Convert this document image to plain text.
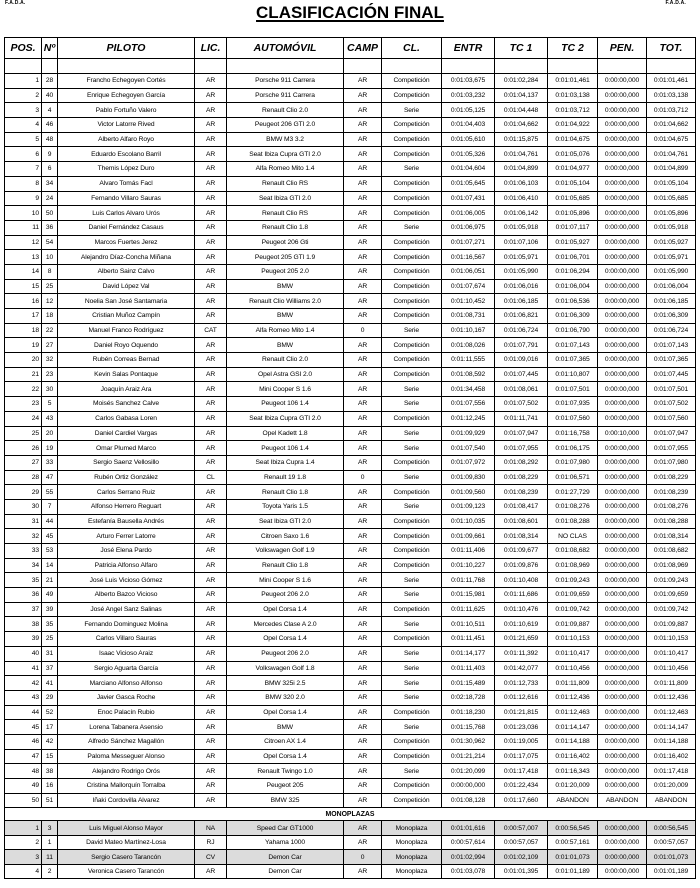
F.A.D.A.	F.A.D.A.
CLASIFICACIÓN FINAL
POS.	Nº	PILOTO	LIC.	AUTOMÓVIL	CAMP	CL.	ENTR	TC 1	TC 2	PEN.	TOT.

1	28	Francho Echegoyen Cortés	AR	Porsche 911 Carrera	AR	Competición	0:01:03,675	0:01:02,284	0:01:01,461	0:00:00,000	0:01:01,461
2	40	Enrique Echegoyen García	AR	Porsche 911 Carrera	AR	Competición	0:01:03,232	0:01:04,137	0:01:03,138	0:00:00,000	0:01:03,138
3	4	Pablo Fortuño Valero	AR	Renault Clio 2.0	AR	Serie	0:01:05,125	0:01:04,448	0:01:03,712	0:00:00,000	0:01:03,712
4	46	Victor Latorre Rived	AR	Peugeot 206 GTI 2.0	AR	Competición	0:01:04,403	0:01:04,662	0:01:04,922	0:00:00,000	0:01:04,662
5	48	Alberto Alfaro Royo	AR	BMW M3 3.2	AR	Competición	0:01:05,610	0:01:15,875	0:01:04,675	0:00:00,000	0:01:04,675
6	9	Eduardo Escolano Barril	AR	Seat Ibiza Cupra GTI 2.0	AR	Competición	0:01:05,326	0:01:04,761	0:01:05,076	0:00:00,000	0:01:04,761
7	6	Themis López Duro	AR	Alfa Romeo Mito 1.4	AR	Serie	0:01:04,604	0:01:04,899	0:01:04,977	0:00:00,000	0:01:04,899
8	34	Alvaro Tomás Facl	AR	Renault Clio RS	AR	Competición	0:01:05,645	0:01:06,103	0:01:05,104	0:00:00,000	0:01:05,104
9	24	Fernando Villaro Sauras	AR	Seat Ibiza GTI 2.0	AR	Competición	0:01:07,431	0:01:06,410	0:01:05,685	0:00:00,000	0:01:05,685
10	50	Luis Carlos Alvaro Urós	AR	Renault Clio RS	AR	Competición	0:01:06,005	0:01:06,142	0:01:05,896	0:00:00,000	0:01:05,896
11	36	Daniel Fernández Casaus	AR	Renault Clio 1.8	AR	Serie	0:01:06,975	0:01:05,918	0:01:07,117	0:00:00,000	0:01:05,918
12	54	Marcos Fuertes Jerez	AR	Peugeot 206 Gti	AR	Competición	0:01:07,271	0:01:07,106	0:01:05,927	0:00:00,000	0:01:05,927
13	10	Alejandro Díaz-Concha Miñana	AR	Peugeot 205 GTI 1.9	AR	Competición	0:01:16,567	0:01:05,971	0:01:06,701	0:00:00,000	0:01:05,971
14	8	Alberto Sainz Calvo	AR	Peugeot 205 2.0	AR	Competición	0:01:06,051	0:01:05,990	0:01:06,294	0:00:00,000	0:01:05,990
15	25	David López Val	AR	BMW	AR	Competición	0:01:07,674	0:01:06,016	0:01:06,004	0:00:00,000	0:01:06,004
16	12	Noelia San José Santamaria	AR	Renault Clio Williams 2.0	AR	Competición	0:01:10,452	0:01:06,185	0:01:06,536	0:00:00,000	0:01:06,185
17	18	Cristian Muñoz Campín	AR	BMW	AR	Competición	0:01:08,731	0:01:06,821	0:01:06,309	0:00:00,000	0:01:06,309
18	22	Manuel Franco Rodríguez	CAT	Alfa Romeo Mito 1.4	0	Serie	0:01:10,167	0:01:06,724	0:01:06,790	0:00:00,000	0:01:06,724
19	27	Daniel Royo Oquendo	AR	BMW	AR	Competición	0:01:08,026	0:01:07,791	0:01:07,143	0:00:00,000	0:01:07,143
20	32	Rubén Correas Bernad	AR	Renault Clio 2.0	AR	Competición	0:01:11,555	0:01:09,016	0:01:07,365	0:00:00,000	0:01:07,365
21	23	Kevin Salas Pontaque	AR	Opel Astra GSI 2.0	AR	Competición	0:01:08,592	0:01:07,445	0:01:10,807	0:00:00,000	0:01:07,445
22	30	Joaquín Araiz Ara	AR	Mini Cooper S 1.6	AR	Serie	0:01:34,458	0:01:08,061	0:01:07,501	0:00:00,000	0:01:07,501
23	5	Moisés Sanchez Calve	AR	Peugeot 106 1.4	AR	Serie	0:01:07,556	0:01:07,502	0:01:07,935	0:00:00,000	0:01:07,502
24	43	Carlos Gabasa Loren	AR	Seat Ibiza Cupra GTI 2.0	AR	Competición	0:01:12,245	0:01:11,741	0:01:07,560	0:00:00,000	0:01:07,560
25	20	Daniel Cardiel Vargas	AR	Opel Kadett 1.8	AR	Serie	0:01:09,929	0:01:07,947	0:01:16,758	0:00:10,000	0:01:07,947
26	19	Omar Plumed Marco	AR	Peugeot 106 1.4	AR	Serie	0:01:07,540	0:01:07,955	0:01:06,175	0:00:00,000	0:01:07,955
27	33	Sergio Saenz Vellosillo	AR	Seat Ibiza Cupra 1.4	AR	Competición	0:01:07,972	0:01:08,292	0:01:07,980	0:00:00,000	0:01:07,980
28	47	Rubén Ortiz González	CL	Renault 19 1.8	0	Serie	0:01:09,830	0:01:08,229	0:01:06,571	0:00:00,000	0:01:08,229
29	55	Carlos Serrano Ruiz	AR	Renault Clio 1.8	AR	Competición	0:01:09,560	0:01:08,239	0:01:27,729	0:00:00,000	0:01:08,239
30	7	Alfonso Herrero Reguart	AR	Toyota Yaris 1.5	AR	Serie	0:01:09,123	0:01:08,417	0:01:08,276	0:00:00,000	0:01:08,276
31	44	Estefanía Bausella Andrés	AR	Seat Ibiza GTI 2.0	AR	Competición	0:01:10,035	0:01:08,601	0:01:08,288	0:00:00,000	0:01:08,288
32	45	Arturo Ferrer Latorre	AR	Citroen Saxo 1.6	AR	Competición	0:01:09,661	0:01:08,314	NO CLAS	0:00:00,000	0:01:08,314
33	53	José Elena Pardo	AR	Volkswagen Golf 1.9	AR	Competición	0:01:11,406	0:01:09,677	0:01:08,682	0:00:00,000	0:01:08,682
34	14	Patricia Alfonso Alfaro	AR	Renault Clio 1.8	AR	Competición	0:01:10,227	0:01:09,876	0:01:08,969	0:00:00,000	0:01:08,969
35	21	José Luis Vicioso Gómez	AR	Mini Cooper S 1.6	AR	Serie	0:01:11,768	0:01:10,408	0:01:09,243	0:00:00,000	0:01:09,243
36	49	Alberto Bazco Vicioso	AR	Peugeot 206 2.0	AR	Serie	0:01:15,981	0:01:11,686	0:01:09,659	0:00:00,000	0:01:09,659
37	39	José Angel Sanz Salinas	AR	Opel Corsa 1.4	AR	Competición	0:01:11,625	0:01:10,476	0:01:09,742	0:00:00,000	0:01:09,742
38	35	Fernando Dominguez Molina	AR	Mercedes Clase A 2.0	AR	Serie	0:01:10,511	0:01:10,619	0:01:09,887	0:00:00,000	0:01:09,887
39	25	Carlos Villaro Sauras	AR	Opel Corsa 1.4	AR	Competición	0:01:11,451	0:01:21,659	0:01:10,153	0:00:00,000	0:01:10,153
40	31	Isaac Vicioso Araiz	AR	Peugeot 206 2.0	AR	Serie	0:01:14,177	0:01:11,392	0:01:10,417	0:00:00,000	0:01:10,417
41	37	Sergio Aguarta García	AR	Volkswagen Golf 1.8	AR	Serie	0:01:11,403	0:01:42,077	0:01:10,456	0:00:00,000	0:01:10,456
42	41	Marciano Alfonso Alfonso	AR	BMW 325i 2.5	AR	Serie	0:01:15,489	0:01:12,733	0:01:11,809	0:00:00,000	0:01:11,809
43	29	Javier Gasca Roche	AR	BMW 320 2.0	AR	Serie	0:02:18,728	0:01:12,616	0:01:12,436	0:00:00,000	0:01:12,436
44	52	Enoc Palacín Rubio	AR	Opel Corsa 1.4	AR	Competición	0:01:18,230	0:01:21,815	0:01:12,463	0:00:00,000	0:01:12,463
45	17	Lorena Tabanera Asensio	AR	BMW	AR	Serie	0:01:15,768	0:01:23,036	0:01:14,147	0:00:00,000	0:01:14,147
46	42	Alfredo Sánchez Magallón	AR	Citroen AX 1.4	AR	Competición	0:01:30,962	0:01:19,005	0:01:14,188	0:00:00,000	0:01:14,188
47	15	Paloma Messeguer Alonso	AR	Opel Corsa 1.4	AR	Competición	0:01:21,214	0:01:17,075	0:01:16,402	0:00:00,000	0:01:16,402
48	38	Alejandro Rodrigo Orós	AR	Renault Twingo 1.0	AR	Serie	0:01:20,099	0:01:17,418	0:01:16,343	0:00:00,000	0:01:17,418
49	16	Cristina Mallorquín Torralba	AR	Peugeot 205	AR	Competición	0:00:00,000	0:01:22,434	0:01:20,009	0:00:00,000	0:01:20,009
50	51	Iñaki Cordovilla Alvarez	AR	BMW 325	AR	Competición	0:01:08,128	0:01:17,660	ABANDON	ABANDON	ABANDON
MONOPLAZAS											
1	3	Luis Miguel Alonso Mayor	NA	Speed Car GT1000	AR	Monoplaza	0:01:01,616	0:00:57,007	0:00:56,545	0:00:00,000	0:00:56,545
2	1	David Mateo Martínez-Losa	RJ	Yahama 1000	AR	Monoplaza	0:00:57,614	0:00:57,057	0:00:57,161	0:00:00,000	0:00:57,057
3	11	Sergio Casero Tarancón	CV	Demon Car	0	Monoplaza	0:01:02,994	0:01:02,109	0:01:01,073	0:00:00,000	0:01:01,073
4	2	Veronica Casero Tarancón	AR	Demon Car	AR	Monoplaza	0:01:03,078	0:01:01,395	0:01:01,189	0:00:00,000	0:01:01,189
